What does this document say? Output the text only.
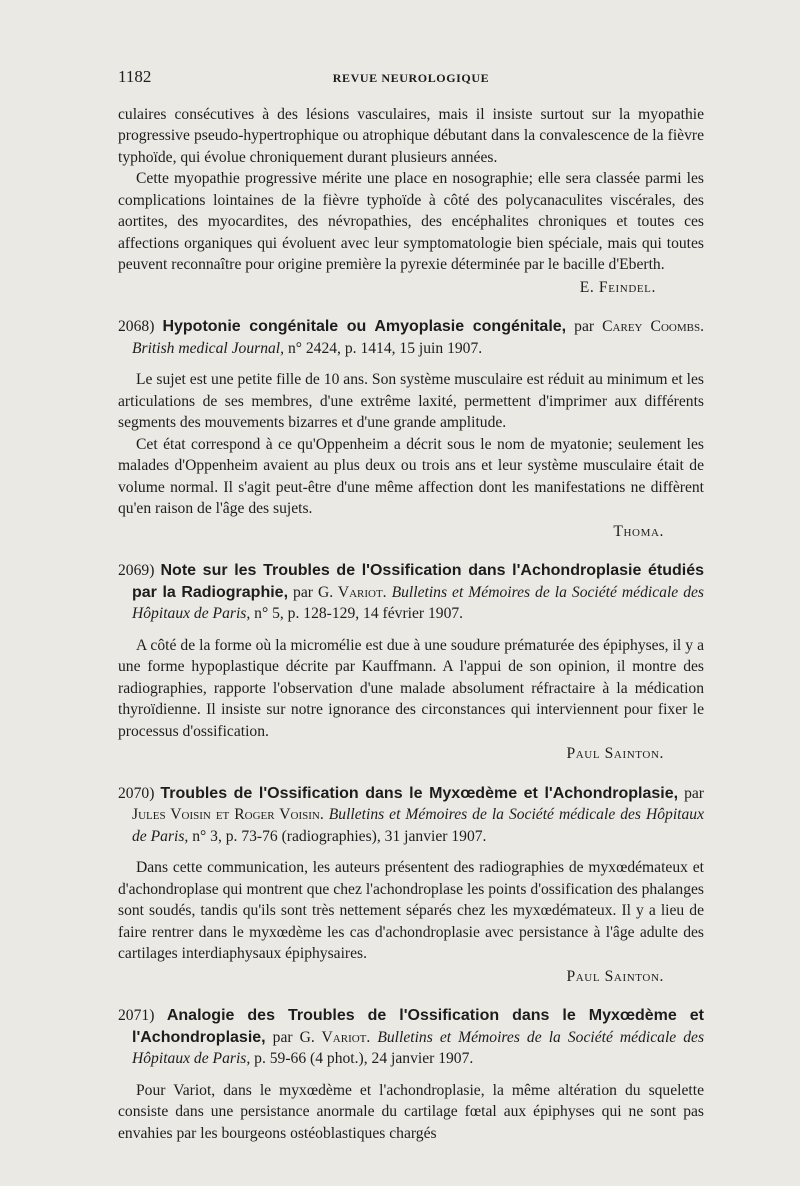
1182	REVUE NEUROLOGIQUE

culaires consécutives à des lésions vasculaires, mais il insiste surtout sur la myopathie progressive pseudo-hypertrophique ou atrophique débutant dans la convalescence de la fièvre typhoïde, qui évolue chroniquement durant plusieurs années.

Cette myopathie progressive mérite une place en nosographie; elle sera classée parmi les complications lointaines de la fièvre typhoïde à côté des polycanaculites viscérales, des aortites, des myocardites, des névropathies, des encéphalites chroniques et toutes ces affections organiques qui évoluent avec leur symptomatologie bien spéciale, mais qui toutes peuvent reconnaître pour origine première la pyrexie déterminée par le bacille d'Eberth.

E. Feindel.
2068) Hypotonie congénitale ou Amyoplasie congénitale, par Carey Coombs. British medical Journal, n° 2424, p. 1414, 15 juin 1907.

Le sujet est une petite fille de 10 ans. Son système musculaire est réduit au minimum et les articulations de ses membres, d'une extrême laxité, permettent d'imprimer aux différents segments des mouvements bizarres et d'une grande amplitude.

Cet état correspond à ce qu'Oppenheim a décrit sous le nom de myatonie; seulement les malades d'Oppenheim avaient au plus deux ou trois ans et leur système musculaire était de volume normal. Il s'agit peut-être d'une même affection dont les manifestations ne diffèrent qu'en raison de l'âge des sujets.

Thoma.
2069) Note sur les Troubles de l'Ossification dans l'Achondroplasie étudiés par la Radiographie, par G. Variot. Bulletins et Mémoires de la Société médicale des Hôpitaux de Paris, n° 5, p. 128-129, 14 février 1907.

A côté de la forme où la micromélie est due à une soudure prématurée des épiphyses, il y a une forme hypoplastique décrite par Kauffmann. A l'appui de son opinion, il montre des radiographies, rapporte l'observation d'une malade absolument réfractaire à la médication thyroïdienne. Il insiste sur notre ignorance des circonstances qui interviennent pour fixer le processus d'ossification.

Paul Sainton.
2070) Troubles de l'Ossification dans le Myxœdème et l'Achondroplasie, par Jules Voisin et Roger Voisin. Bulletins et Mémoires de la Société médicale des Hôpitaux de Paris, n° 3, p. 73-76 (radiographies), 31 janvier 1907.

Dans cette communication, les auteurs présentent des radiographies de myxœdémateux et d'achondroplase qui montrent que chez l'achondroplase les points d'ossification des phalanges sont soudés, tandis qu'ils sont très nettement séparés chez les myxœdémateux. Il y a lieu de faire rentrer dans le myxœdème les cas d'achondroplasie avec persistance à l'âge adulte des cartilages interdiaphysaux épiphysaires.

Paul Sainton.
2071) Analogie des Troubles de l'Ossification dans le Myxœdème et l'Achondroplasie, par G. Variot. Bulletins et Mémoires de la Société médicale des Hôpitaux de Paris, p. 59-66 (4 phot.), 24 janvier 1907.

Pour Variot, dans le myxœdème et l'achondroplasie, la même altération du squelette consiste dans une persistance anormale du cartilage fœtal aux épiphyses qui ne sont pas envahies par les bourgeons ostéoblastiques chargés
